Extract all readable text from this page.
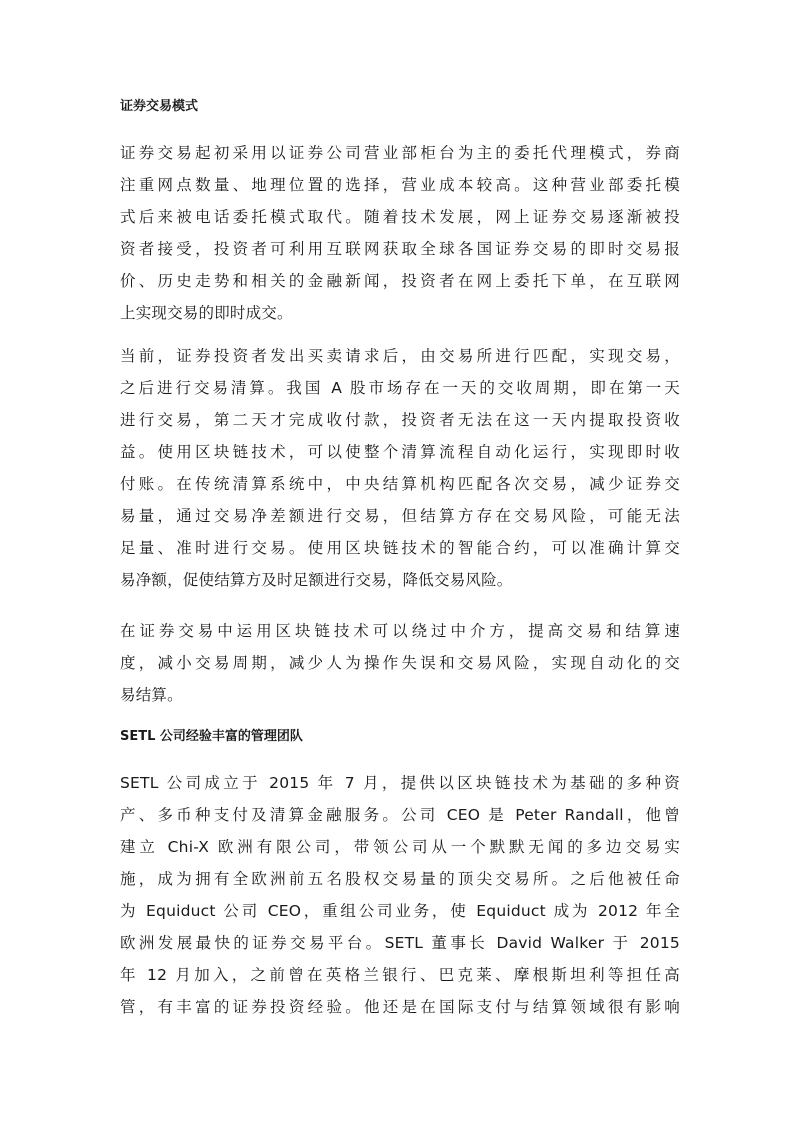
证券交易模式
证券交易起初采用以证券公司营业部柜台为主的委托代理模式，券商
注重网点数量、地理位置的选择，营业成本较高。这种营业部委托模
式后来被电话委托模式取代。随着技术发展，网上证券交易逐渐被投
资者接受，投资者可利用互联网获取全球各国证券交易的即时交易报
价、历史走势和相关的金融新闻，投资者在网上委托下单，在互联网
上实现交易的即时成交。
当前，证券投资者发出买卖请求后，由交易所进行匹配，实现交易，
之后进行交易清算。我国 A 股市场存在一天的交收周期，即在第一天
进行交易，第二天才完成收付款，投资者无法在这一天内提取投资收
益。使用区块链技术，可以使整个清算流程自动化运行，实现即时收
付账。在传统清算系统中，中央结算机构匹配各次交易，减少证券交
易量，通过交易净差额进行交易，但结算方存在交易风险，可能无法
足量、准时进行交易。使用区块链技术的智能合约，可以准确计算交
易净额，促使结算方及时足额进行交易，降低交易风险。
在证券交易中运用区块链技术可以绕过中介方，提高交易和结算速
度，减小交易周期，减少人为操作失误和交易风险，实现自动化的交
易结算。
SETL 公司经验丰富的管理团队
SETL 公司成立于 2015 年 7 月，提供以区块链技术为基础的多种资
产、多币种支付及清算金融服务。公司 CEO 是 Peter Randall，他曾
建立 Chi-X 欧洲有限公司，带领公司从一个默默无闻的多边交易实
施，成为拥有全欧洲前五名股权交易量的顶尖交易所。之后他被任命
为 Equiduct 公司 CEO，重组公司业务，使 Equiduct 成为 2012 年全
欧洲发展最快的证券交易平台。SETL 董事长 David Walker 于 2015
年 12 月加入，之前曾在英格兰银行、巴克莱、摩根斯坦利等担任高
管，有丰富的证券投资经验。他还是在国际支付与结算领域很有影响
